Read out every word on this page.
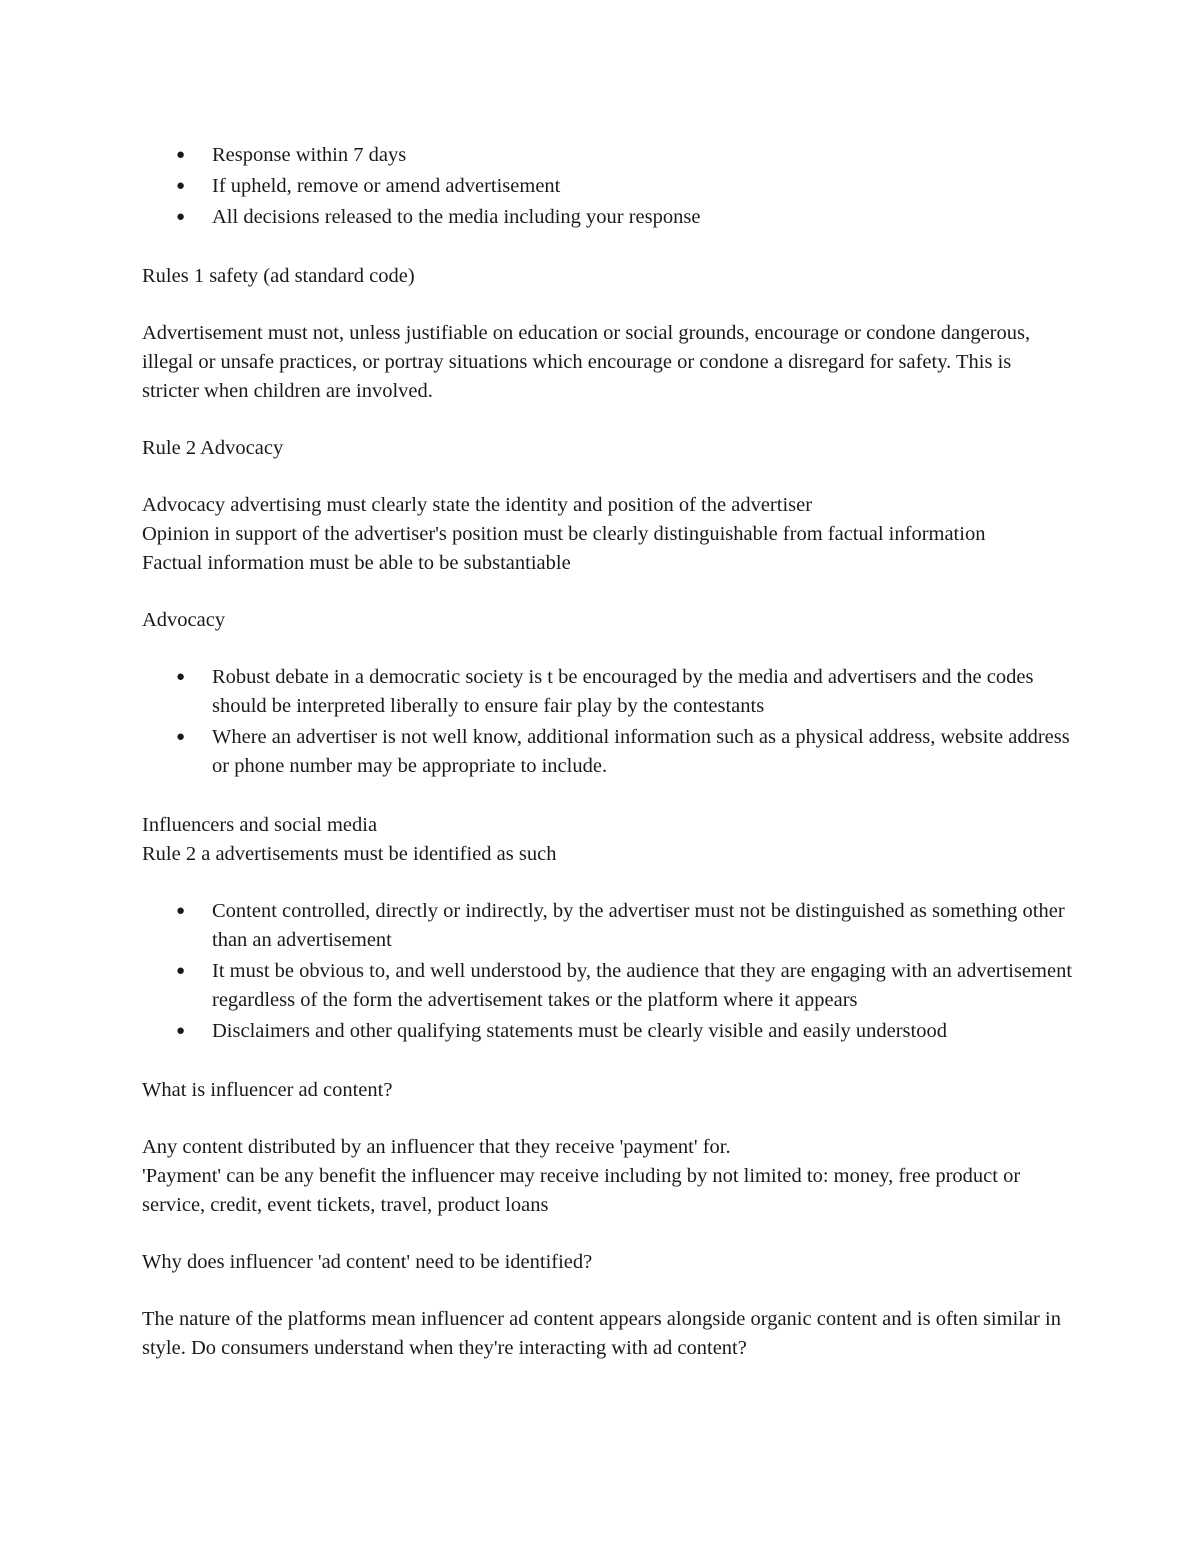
● Response within 7 days
● If upheld, remove or amend advertisement
● All decisions released to the media including your response

Rules 1 safety (ad standard code)

Advertisement must not, unless justifiable on education or social grounds, encourage or condone dangerous, illegal or unsafe practices, or portray situations which encourage or condone a disregard for safety. This is stricter when children are involved.

Rule 2 Advocacy

Advocacy advertising must clearly state the identity and position of the advertiser

Opinion in support of the advertiser's position must be clearly distinguishable from factual information

Factual information must be able to be substantiable

Advocacy

● Robust debate in a democratic society is t be encouraged by the media and advertisers and the codes should be interpreted liberally to ensure fair play by the contestants
● Where an advertiser is not well know, additional information such as a physical address, website address or phone number may be appropriate to include.

Influencers and social media

Rule 2 a advertisements must be identified as such

● Content controlled, directly or indirectly, by the advertiser must not be distinguished as something other than an advertisement
● It must be obvious to, and well understood by, the audience that they are engaging with an advertisement regardless of the form the advertisement takes or the platform where it appears
● Disclaimers and other qualifying statements must be clearly visible and easily understood

What is influencer ad content?

Any content distributed by an influencer that they receive 'payment' for.

'Payment' can be any benefit the influencer may receive including by not limited to: money, free product or service, credit, event tickets, travel, product loans

Why does influencer 'ad content' need to be identified?

The nature of the platforms mean influencer ad content appears alongside organic content and is often similar in style. Do consumers understand when they're interacting with ad content?
